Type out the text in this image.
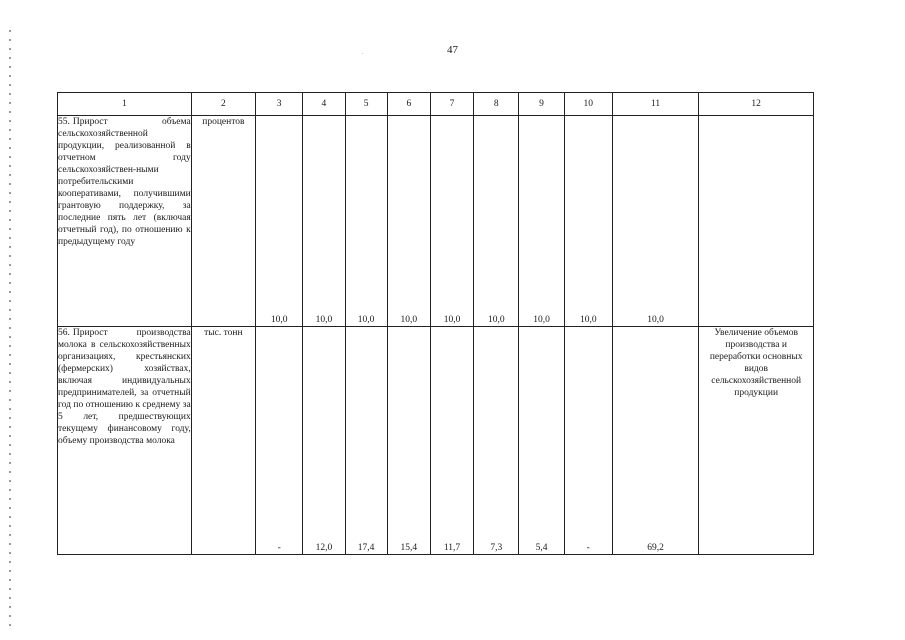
47
.
1	2	3	4	5	6	7	8	9	10	11	12
55. Прирост объема сельскохозяйственной продукции, реализованной в отчетном году сельскохозяйствен-ными потребительскими кооперативами, получившими грантовую поддержку, за последние пять лет (включая отчетный год), по отношению к предыдущему году	процентов	10,0	10,0	10,0	10,0	10,0	10,0	10,0	10,0	10,0	
56. Прирост производства молока в сельскохозяйственных организациях, крестьянских (фермерских) хозяйствах, включая индивидуальных предпринимателей, за отчетный год по отношению к среднему за 5 лет, предшествующих текущему финансовому году, объему производства молока	тыс. тонн	-	12,0	17,4	15,4	11,7	7,3	5,4	-	69,2	Увеличение объемов производства и переработки основных видов сельскохозяйственной продукции
